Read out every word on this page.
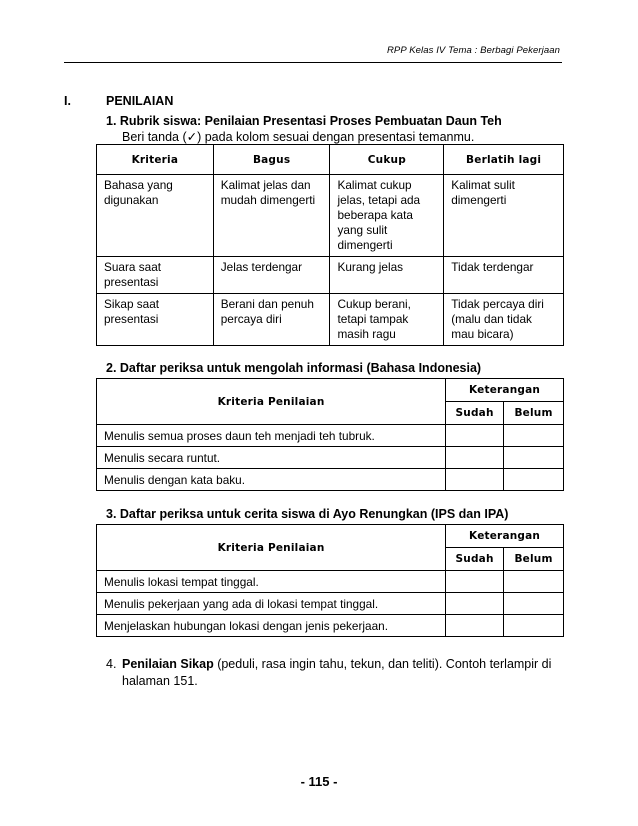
RPP Kelas IV Tema : Berbagi Pekerjaan
I.	PENILAIAN
1. Rubrik siswa: Penilaian Presentasi Proses Pembuatan Daun Teh
Beri tanda (✓) pada kolom sesuai dengan presentasi temanmu.
Kriteria	Bagus	Cukup	Berlatih lagi
Bahasa yang digunakan	Kalimat jelas dan mudah dimengerti	Kalimat cukup jelas, tetapi ada beberapa kata yang sulit dimengerti	Kalimat sulit dimengerti
Suara saat presentasi	Jelas terdengar	Kurang jelas	Tidak terdengar
Sikap saat presentasi	Berani dan penuh percaya diri	Cukup berani, tetapi tampak masih ragu	Tidak percaya diri (malu dan tidak mau bicara)
2. Daftar periksa untuk mengolah informasi (Bahasa Indonesia)
Kriteria Penilaian	Keterangan	
	Sudah	Belum
Menulis semua proses daun teh menjadi teh tubruk.		
Menulis secara runtut.		
Menulis dengan kata baku.		
3. Daftar periksa untuk cerita siswa di Ayo Renungkan (IPS dan IPA)
Kriteria Penilaian	Keterangan	
	Sudah	Belum
Menulis lokasi tempat tinggal.		
Menulis pekerjaan yang ada di lokasi tempat tinggal.		
Menjelaskan hubungan lokasi dengan jenis pekerjaan.		
4. Penilaian Sikap (peduli, rasa ingin tahu, tekun, dan teliti). Contoh terlampir di
halaman 151.
- 115 -
